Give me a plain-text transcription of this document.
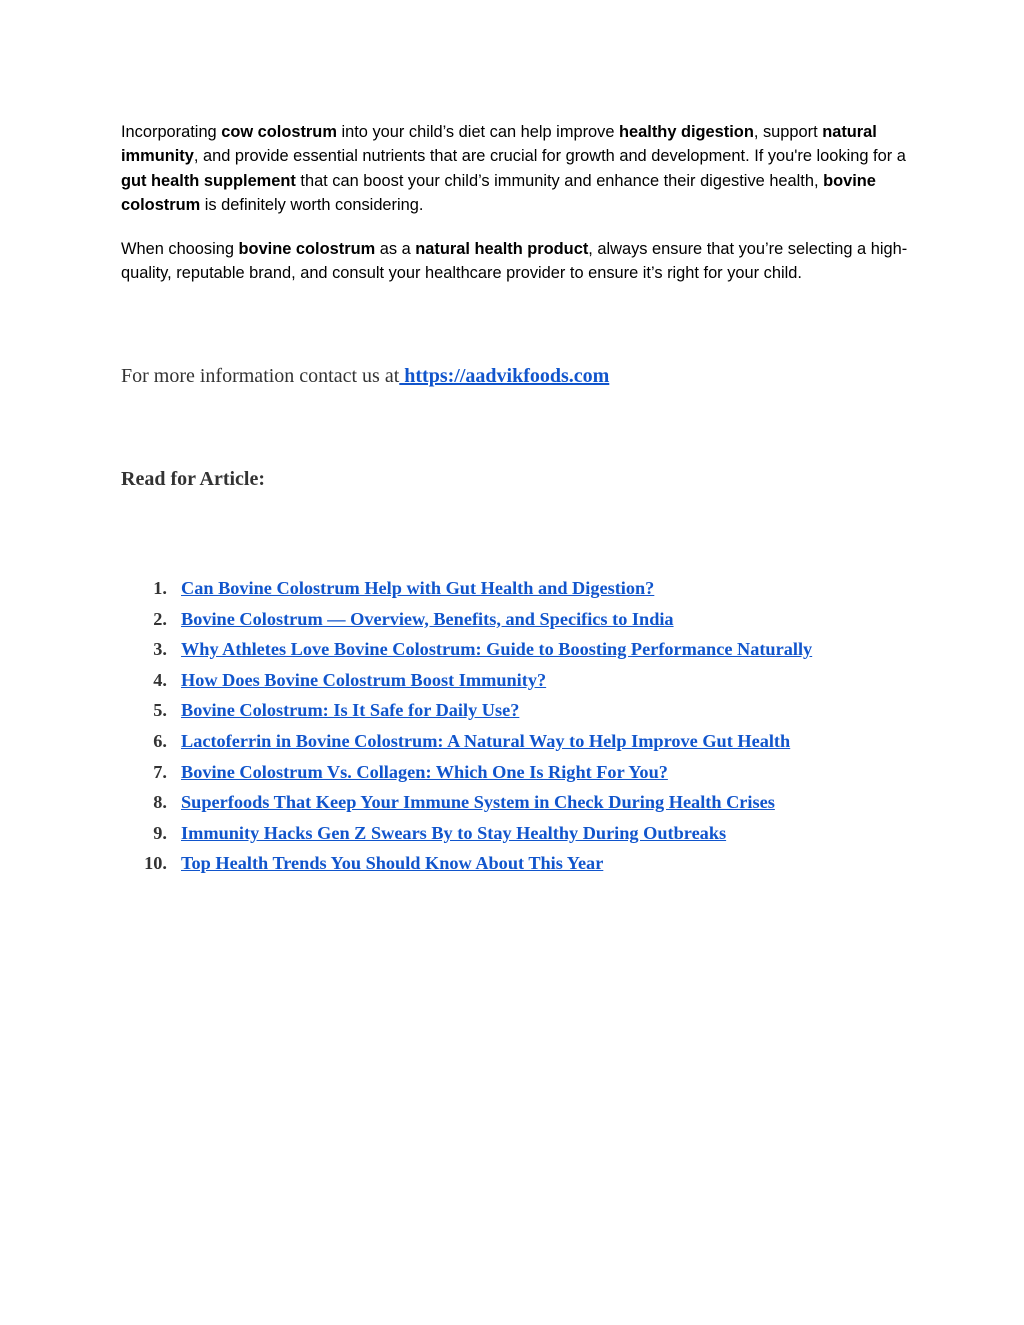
Incorporating cow colostrum into your child’s diet can help improve healthy digestion, support natural immunity, and provide essential nutrients that are crucial for growth and development. If you're looking for a gut health supplement that can boost your child’s immunity and enhance their digestive health, bovine colostrum is definitely worth considering.

When choosing bovine colostrum as a natural health product, always ensure that you’re selecting a high-quality, reputable brand, and consult your healthcare provider to ensure it’s right for your child.

For more information contact us at https://aadvikfoods.com
Read for Article:
1. Can Bovine Colostrum Help with Gut Health and Digestion?
2. Bovine Colostrum — Overview, Benefits, and Specifics to India
3. Why Athletes Love Bovine Colostrum: Guide to Boosting Performance Naturally
4. How Does Bovine Colostrum Boost Immunity?
5. Bovine Colostrum: Is It Safe for Daily Use?
6. Lactoferrin in Bovine Colostrum: A Natural Way to Help Improve Gut Health
7. Bovine Colostrum Vs. Collagen: Which One Is Right For You?
8. Superfoods That Keep Your Immune System in Check During Health Crises
9. Immunity Hacks Gen Z Swears By to Stay Healthy During Outbreaks
10. Top Health Trends You Should Know About This Year
